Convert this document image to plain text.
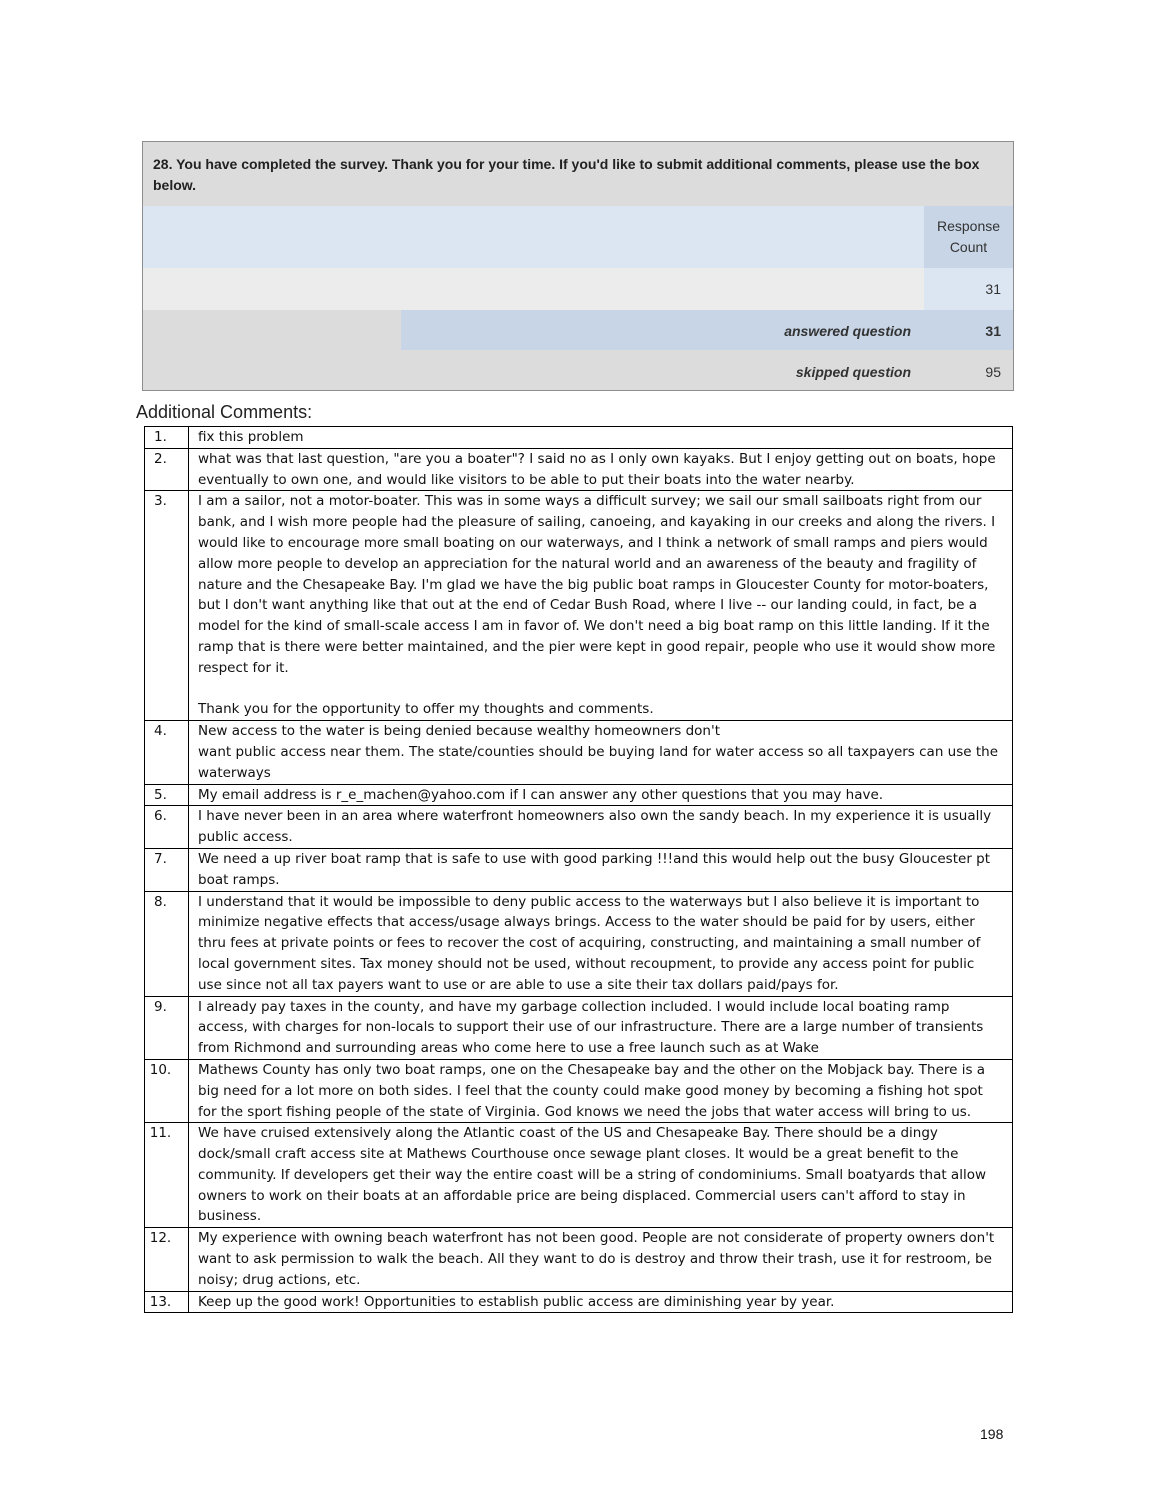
28. You have completed the survey. Thank you for your time. If you'd like to submit additional comments, please use the box below.
Response Count
31
answered question	31
skipped question	95
Additional Comments:
1.	fix this problem
2.	what was that last question, "are you a boater"? I said no as I only own kayaks. But I enjoy getting out on boats, hope eventually to own one, and would like visitors to be able to put their boats into the water nearby.
3.	I am a sailor, not a motor-boater. This was in some ways a difficult survey; we sail our small sailboats right from our bank, and I wish more people had the pleasure of sailing, canoeing, and kayaking in our creeks and along the rivers. I would like to encourage more small boating on our waterways, and I think a network of small ramps and piers would allow more people to develop an appreciation for the natural world and an awareness of the beauty and fragility of nature and the Chesapeake Bay. I'm glad we have the big public boat ramps in Gloucester County for motor-boaters, but I don't want anything like that out at the end of Cedar Bush Road, where I live -- our landing could, in fact, be a model for the kind of small-scale access I am in favor of. We don't need a big boat ramp on this little landing. If it the ramp that is there were better maintained, and the pier were kept in good repair, people who use it would show more respect for it.

Thank you for the opportunity to offer my thoughts and comments.
4.	New access to the water is being denied because wealthy homeowners don't
want public access near them. The state/counties should be buying land for water access so all taxpayers can use the waterways
5.	My email address is r_e_machen@yahoo.com if I can answer any other questions that you may have.
6.	I have never been in an area where waterfront homeowners also own the sandy beach. In my experience it is usually public access.
7.	We need a up river boat ramp that is safe to use with good parking !!!and this would help out the busy Gloucester pt boat ramps.
8.	I understand that it would be impossible to deny public access to the waterways but I also believe it is important to minimize negative effects that access/usage always brings. Access to the water should be paid for by users, either thru fees at private points or fees to recover the cost of acquiring, constructing, and maintaining a small number of local government sites. Tax money should not be used, without recoupment, to provide any access point for public use since not all tax payers want to use or are able to use a site their tax dollars paid/pays for.
9.	I already pay taxes in the county, and have my garbage collection included. I would include local boating ramp access, with charges for non-locals to support their use of our infrastructure. There are a large number of transients from Richmond and surrounding areas who come here to use a free launch such as at Wake
10.	Mathews County has only two boat ramps, one on the Chesapeake bay and the other on the Mobjack bay. There is a big need for a lot more on both sides. I feel that the county could make good money by becoming a fishing hot spot for the sport fishing people of the state of Virginia. God knows we need the jobs that water access will bring to us.
11.	We have cruised extensively along the Atlantic coast of the US and Chesapeake Bay. There should be a dingy dock/small craft access site at Mathews Courthouse once sewage plant closes. It would be a great benefit to the community. If developers get their way the entire coast will be a string of condominiums. Small boatyards that allow owners to work on their boats at an affordable price are being displaced. Commercial users can't afford to stay in business.
12.	My experience with owning beach waterfront has not been good. People are not considerate of property owners don't want to ask permission to walk the beach. All they want to do is destroy and throw their trash, use it for restroom, be noisy; drug actions, etc.
13.	Keep up the good work! Opportunities to establish public access are diminishing year by year.
198
